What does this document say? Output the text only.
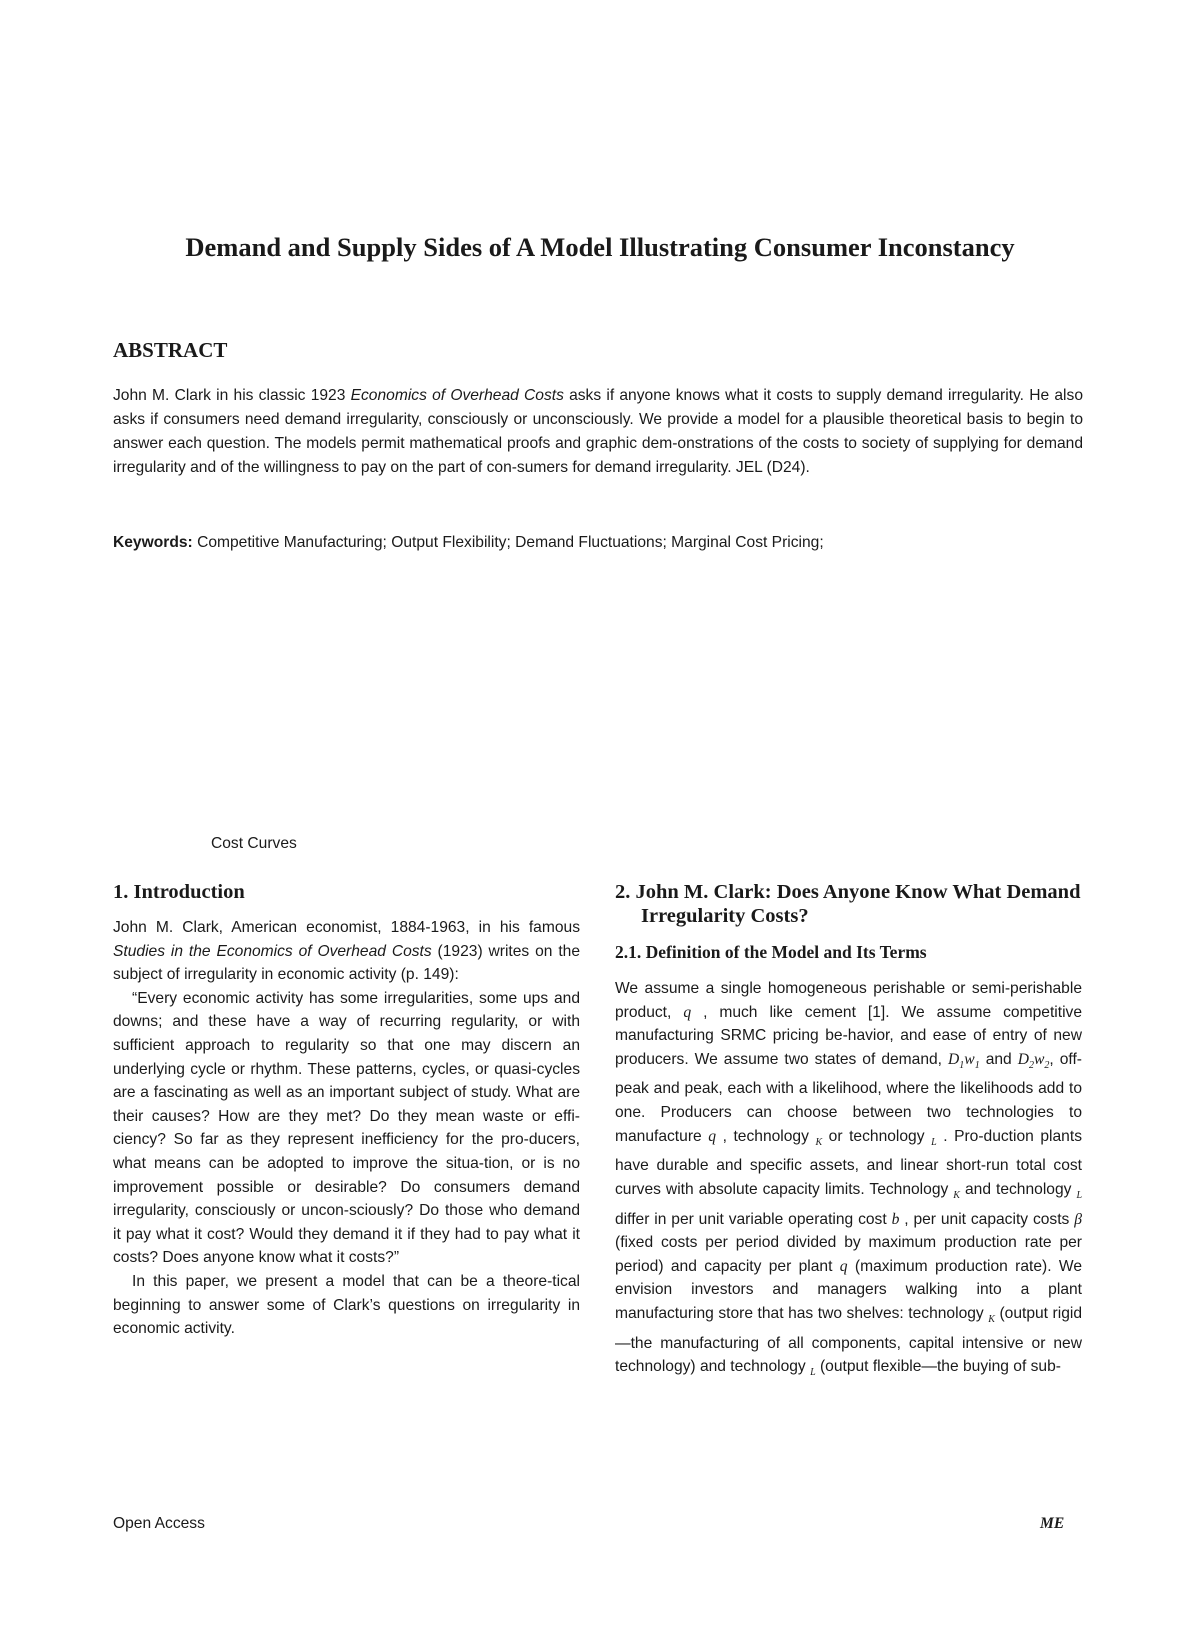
Demand and Supply Sides of A Model Illustrating Consumer Inconstancy
ABSTRACT

John M. Clark in his classic 1923 Economics of Overhead Costs asks if anyone knows what it costs to supply demand irregularity. He also asks if consumers need demand irregularity, consciously or unconsciously. We provide a model for a plausible theoretical basis to begin to answer each question. The models permit mathematical proofs and graphic dem-onstrations of the costs to society of supplying for demand irregularity and of the willingness to pay on the part of con-sumers for demand irregularity. JEL (D24).

Keywords: Competitive Manufacturing; Output Flexibility; Demand Fluctuations; Marginal Cost Pricing;

Cost Curves

1. Introduction

John M. Clark, American economist, 1884-1963, in his famous Studies in the Economics of Overhead Costs (1923) writes on the subject of irregularity in economic activity (p. 149):

“Every economic activity has some irregularities, some ups and downs; and these have a way of recurring regularity, or with sufficient approach to regularity so that one may discern an underlying cycle or rhythm. These patterns, cycles, or quasi-cycles are a fascinating as well as an important subject of study. What are their causes? How are they met? Do they mean waste or effi-ciency? So far as they represent inefficiency for the pro-ducers, what means can be adopted to improve the situa-tion, or is no improvement possible or desirable? Do consumers demand irregularity, consciously or uncon-sciously? Do those who demand it pay what it cost? Would they demand it if they had to pay what it costs? Does anyone know what it costs?”

In this paper, we present a model that can be a theore-tical beginning to answer some of Clark’s questions on irregularity in economic activity.

2. John M. Clark: Does Anyone Know What Demand Irregularity Costs?
2.1. Definition of the Model and Its Terms

We assume a single homogeneous perishable or semi-perishable product, q , much like cement [1]. We assume competitive manufacturing SRMC pricing be-havior, and ease of entry of new producers. We assume two states of demand, $D_1w_1$ and $D_2w_2$, off-peak and peak, each with a likelihood, where the likelihoods add to one. Producers can choose between two technologies to manufacture q , technology $_K$ or technology $_L$ . Pro-duction plants have durable and specific assets, and linear short-run total cost curves with absolute capacity limits. Technology $_K$ and technology $_L$ differ in per unit variable operating cost b , per unit capacity costs β (fixed costs per period divided by maximum production rate per period) and capacity per plant q (maximum production rate). We envision investors and managers walking into a plant manufacturing store that has two shelves: technology $_K$ (output rigid—the manufacturing of all components, capital intensive or new technology) and technology $_L$ (output flexible—the buying of sub-

Open Access	ME
